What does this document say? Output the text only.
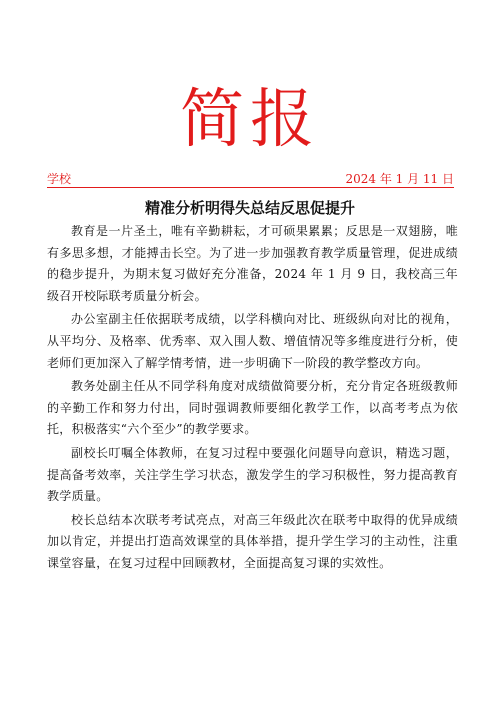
简报
学校	2024 年 1 月 11 日
精准分析明得失总结反思促提升

教育是一片圣土，唯有辛勤耕耘，才可硕果累累；反思是一双翅膀，唯有多思多想，才能搏击长空。为了进一步加强教育教学质量管理，促进成绩的稳步提升，为期末复习做好充分准备，2024 年 1 月 9 日，我校高三年级召开校际联考质量分析会。

办公室副主任依据联考成绩，以学科横向对比、班级纵向对比的视角，从平均分、及格率、优秀率、双入围人数、增值情况等多维度进行分析，使老师们更加深入了解学情考情，进一步明确下一阶段的教学整改方向。

教务处副主任从不同学科角度对成绩做简要分析，充分肯定各班级教师的辛勤工作和努力付出，同时强调教师要细化教学工作，以高考考点为依托，积极落实“六个至少”的教学要求。

副校长叮嘱全体教师，在复习过程中要强化问题导向意识，精选习题，提高备考效率，关注学生学习状态，激发学生的学习积极性，努力提高教育教学质量。

校长总结本次联考考试亮点，对高三年级此次在联考中取得的优异成绩加以肯定，并提出打造高效课堂的具体举措，提升学生学习的主动性，注重课堂容量，在复习过程中回顾教材，全面提高复习课的实效性。
